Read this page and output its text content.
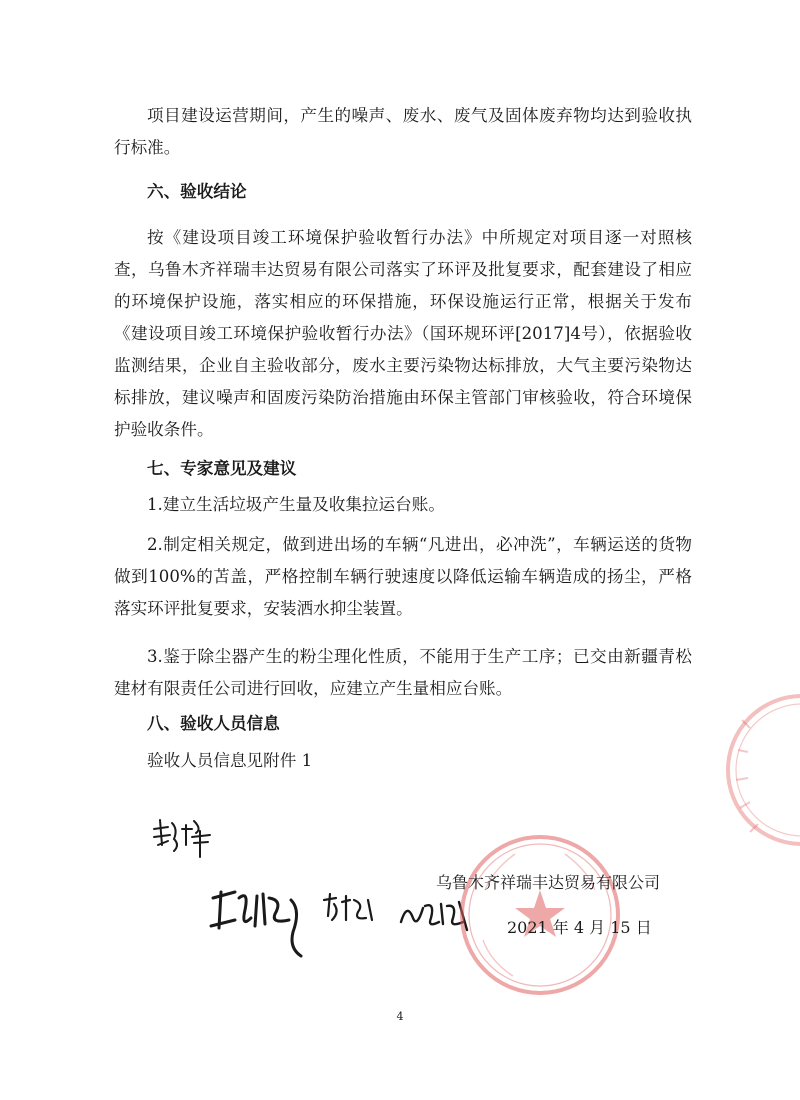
项目建设运营期间，产生的噪声、废水、废气及固体废弃物均达到验收执行标准。

六、验收结论

按《建设项目竣工环境保护验收暂行办法》中所规定对项目逐一对照核查，乌鲁木齐祥瑞丰达贸易有限公司落实了环评及批复要求，配套建设了相应的环境保护设施，落实相应的环保措施，环保设施运行正常，根据关于发布《建设项目竣工环境保护验收暂行办法》（国环规环评[2017]4号），依据验收监测结果，企业自主验收部分，废水主要污染物达标排放，大气主要污染物达标排放，建议噪声和固废污染防治措施由环保主管部门审核验收，符合环境保护验收条件。

七、专家意见及建议

1.建立生活垃圾产生量及收集拉运台账。

2.制定相关规定，做到进出场的车辆“凡进出，必冲洗”，车辆运送的货物做到100%的苫盖，严格控制车辆行驶速度以降低运输车辆造成的扬尘，严格落实环评批复要求，安装洒水抑尘装置。

3.鉴于除尘器产生的粉尘理化性质，不能用于生产工序；已交由新疆青松建材有限责任公司进行回收，应建立产生量相应台账。

八、验收人员信息

验收人员信息见附件 1

乌鲁木齐祥瑞丰达贸易有限公司
2021 年 4 月 15 日
4
